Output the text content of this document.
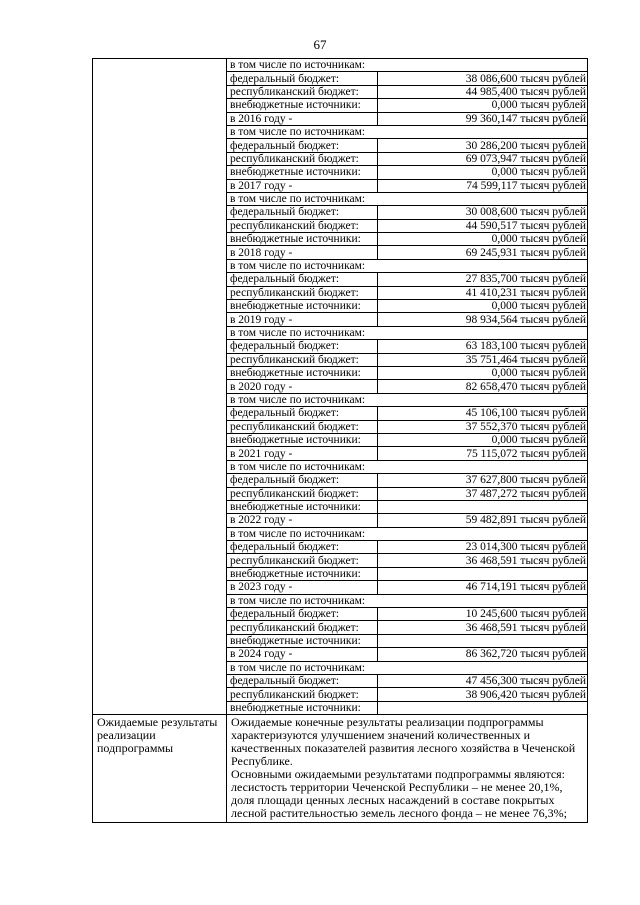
67

в том числе по источникам:
федеральный бюджет:	38 086,600 тысяч рублей
республиканский бюджет:	44 985,400 тысяч рублей
внебюджетные источники:	0,000 тысяч рублей
в 2016 году -	99 360,147 тысяч рублей
в том числе по источникам:
федеральный бюджет:	30 286,200 тысяч рублей
республиканский бюджет:	69 073,947 тысяч рублей
внебюджетные источники:	0,000 тысяч рублей
в 2017 году -	74 599,117 тысяч рублей
в том числе по источникам:
федеральный бюджет:	30 008,600 тысяч рублей
республиканский бюджет:	44 590,517 тысяч рублей
внебюджетные источники:	0,000 тысяч рублей
в 2018 году -	69 245,931 тысяч рублей
в том числе по источникам:
федеральный бюджет:	27 835,700 тысяч рублей
республиканский бюджет:	41 410,231 тысяч рублей
внебюджетные источники:	0,000 тысяч рублей
в 2019 году -	98 934,564 тысяч рублей
в том числе по источникам:
федеральный бюджет:	63 183,100 тысяч рублей
республиканский бюджет:	35 751,464 тысяч рублей
внебюджетные источники:	0,000 тысяч рублей
в 2020 году -	82 658,470 тысяч рублей
в том числе по источникам:
федеральный бюджет:	45 106,100 тысяч рублей
республиканский бюджет:	37 552,370 тысяч рублей
внебюджетные источники:	0,000 тысяч рублей
в 2021 году -	75 115,072 тысяч рублей
в том числе по источникам:
федеральный бюджет:	37 627,800 тысяч рублей
республиканский бюджет:	37 487,272 тысяч рублей
внебюджетные источники:	
в 2022 году -	59 482,891 тысяч рублей
в том числе по источникам:
федеральный бюджет:	23 014,300 тысяч рублей
республиканский бюджет:	36 468,591 тысяч рублей
внебюджетные источники:	
в 2023 году -	46 714,191 тысяч рублей
в том числе по источникам:
федеральный бюджет:	10 245,600 тысяч рублей
республиканский бюджет:	36 468,591 тысяч рублей
внебюджетные источники:	
в 2024 году -	86 362,720 тысяч рублей
в том числе по источникам:
федеральный бюджет:	47 456,300 тысяч рублей
республиканский бюджет:	38 906,420 тысяч рублей
внебюджетные источники:	

Ожидаемые результаты реализации подпрограммы	

Ожидаемые конечные результаты реализации подпрограммы характеризуются улучшением значений количественных и качественных показателей развития лесного хозяйства в Чеченской Республике.

Основными ожидаемыми результатами подпрограммы являются: лесистость территории Чеченской Республики – не менее 20,1%, доля площади ценных лесных насаждений в составе покрытых лесной растительностью земель лесного фонда – не менее 76,3%;
